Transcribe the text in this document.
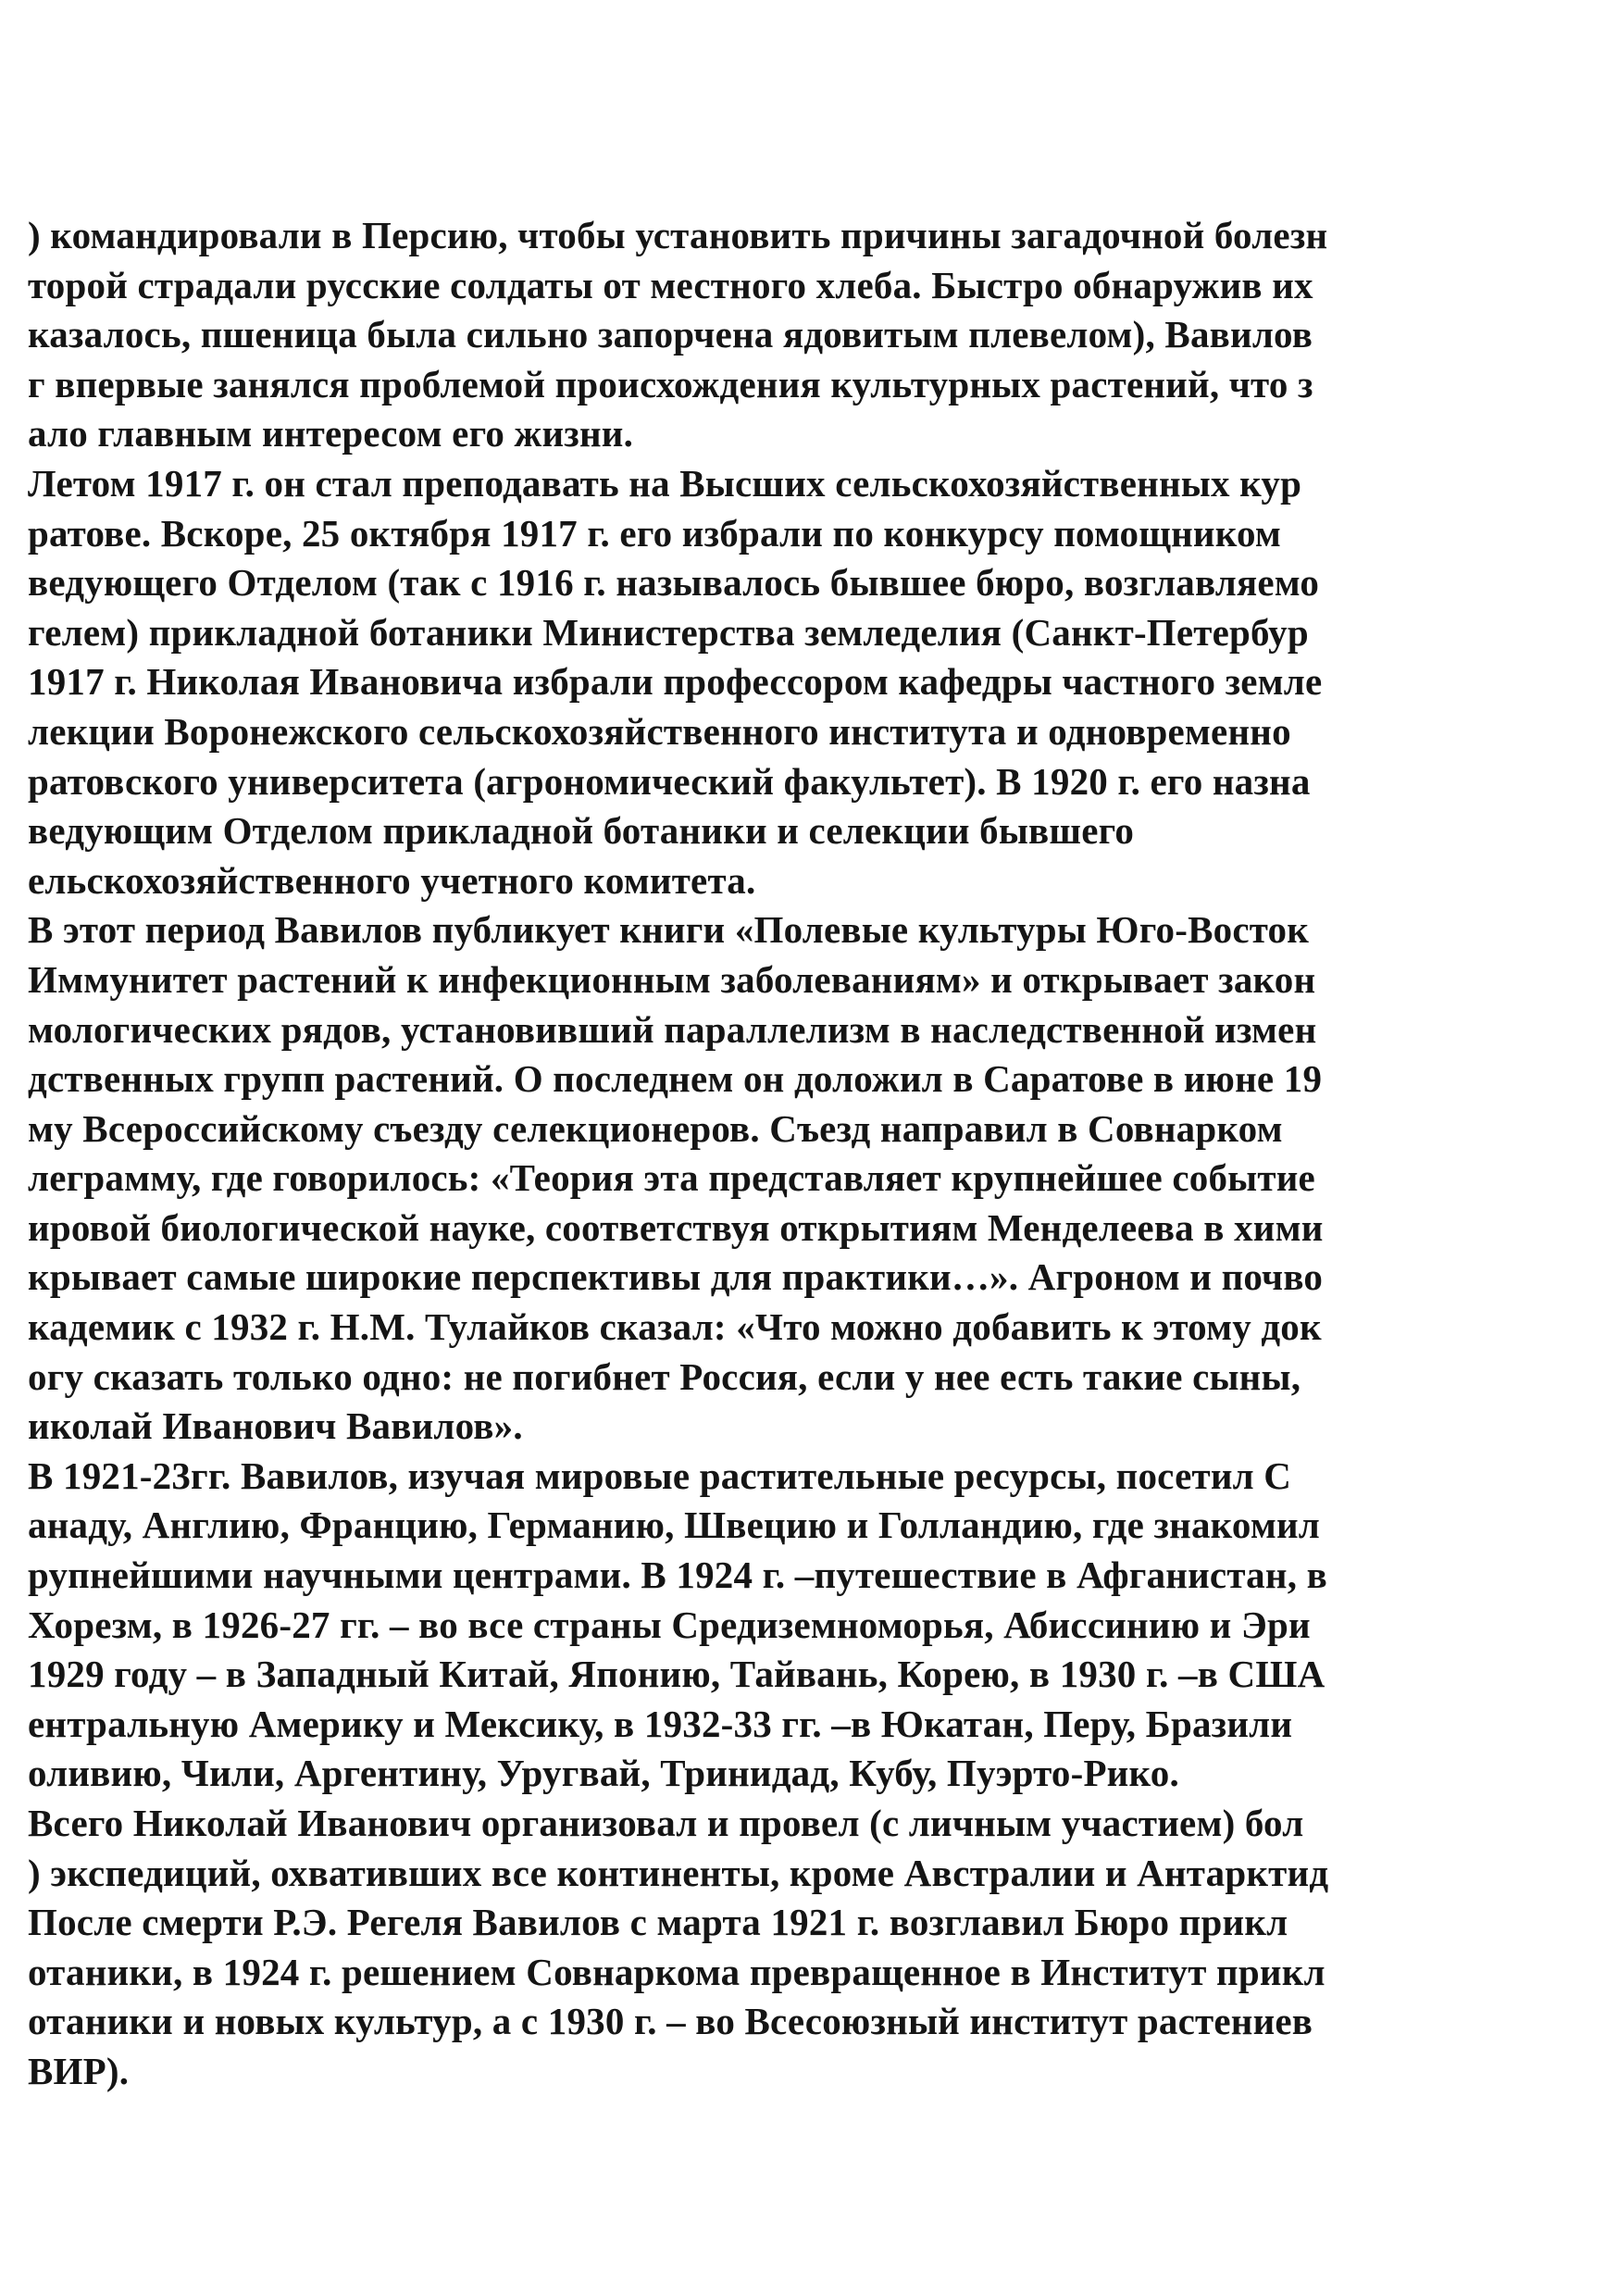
) командировали в Персию, чтобы установить причины загадочной болезн
торой страдали русские солдаты от местного хлеба. Быстро обнаружив их
казалось, пшеница была сильно запорчена ядовитым плевелом), Вавилов
г впервые занялся проблемой происхождения культурных растений, что з
ало главным интересом его жизни.
Летом 1917 г. он стал преподавать на Высших сельскохозяйственных кур
ратове. Вскоре, 25 октября 1917 г. его избрали по конкурсу помощником
ведующего Отделом (так с 1916 г. называлось бывшее бюро, возглавляемо
гелем) прикладной ботаники Министерства земледелия (Санкт-Петербур
1917 г. Николая Ивановича избрали профессором кафедры частного земле
лекции Воронежского сельскохозяйственного института и одновременно
ратовского университета (агрономический факультет). В 1920 г. его назна
ведующим Отделом прикладной ботаники и селекции бывшего
ельскохозяйственного учетного комитета.
В этот период Вавилов публикует книги «Полевые культуры Юго-Восток
Иммунитет растений к инфекционным заболеваниям» и открывает закон
мологических рядов, установивший параллелизм в наследственной измен
дственных групп растений. О последнем он доложил в Саратове в июне 19
му Всероссийскому съезду селекционеров. Съезд направил в Совнарком
леграмму, где говорилось: «Теория эта представляет крупнейшее событие
ировой биологической науке, соответствуя открытиям Менделеева в хими
крывает самые широкие перспективы для практики…». Агроном и почво
кадемик с 1932 г. Н.М. Тулайков сказал: «Что можно добавить к этому док
огу сказать только одно: не погибнет Россия, если у нее есть такие сыны,
иколай Иванович Вавилов».
В 1921-23гг. Вавилов, изучая мировые растительные ресурсы, посетил С
анаду, Англию, Францию, Германию, Швецию и Голландию, где знакомил
рупнейшими научными центрами. В 1924 г. –путешествие в Афганистан, в
Хорезм, в 1926-27 гг. – во все страны Средиземноморья, Абиссинию и Эри
1929 году – в Западный Китай, Японию, Тайвань, Корею, в 1930 г. –в США
ентральную Америку и Мексику, в 1932-33 гг. –в Юкатан, Перу, Бразили
оливию, Чили, Аргентину, Уругвай, Тринидад, Кубу, Пуэрто-Рико.
Всего Николай Иванович организовал и провел (с личным участием) бол
) экспедиций, охвативших все континенты, кроме Австралии и Антарктид
После смерти Р.Э. Регеля Вавилов с марта 1921 г. возглавил Бюро прикл
отаники, в 1924 г. решением Совнаркома превращенное в Институт прикл
отаники и новых культур, а с 1930 г. – во Всесоюзный институт растениев
ВИР).
